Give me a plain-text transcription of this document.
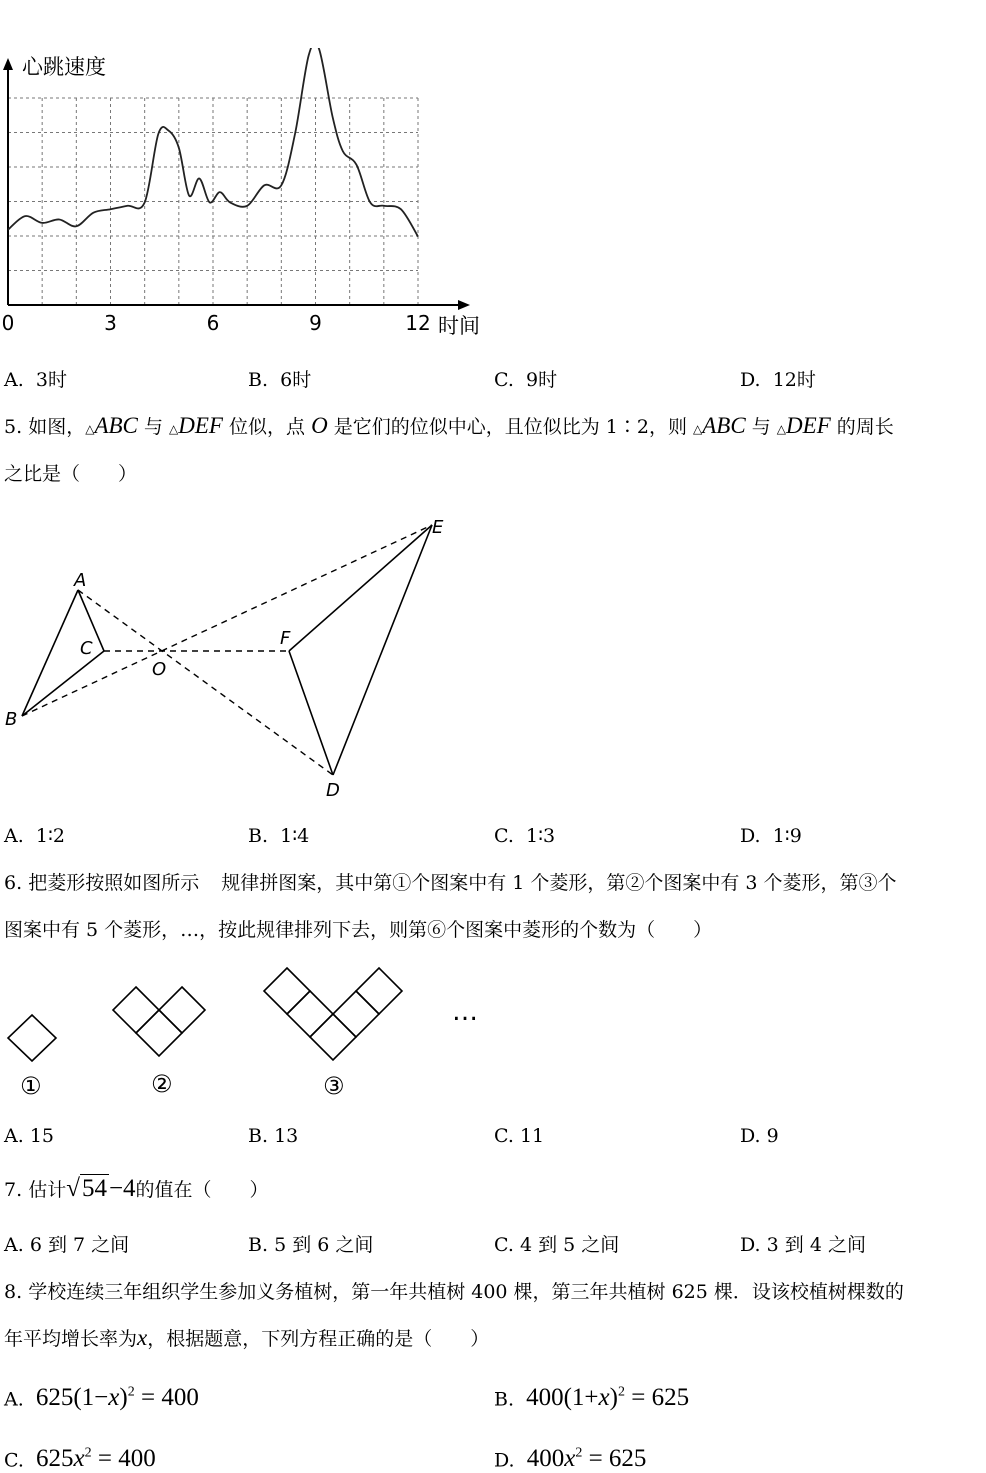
心跳速度
时间
0	3	6	9	12
A. 3时	B. 6时	C. 9时	D. 12时
5. 如图，△ABC 与 △DEF 位似，点 O 是它们的位似中心，且位似比为 1∶2，则 △ABC 与 △DEF 的周长
之比是（　　）
A
B
C
O
D
E
F
A. 1∶2	B. 1∶4	C. 1∶3	D. 1∶9
6. 把菱形按照如图所示 规律拼图案，其中第①个图案中有 1 个菱形，第②个图案中有 3 个菱形，第③个
图案中有 5 个菱形，…，按此规律排列下去，则第⑥个图案中菱形的个数为（　　）
…
①	②	③
A. 15	B. 13	C. 11	D. 9
7. 估计√54−4的值在（　　）
A. 6 到 7 之间	B. 5 到 6 之间	C. 4 到 5 之间	D. 3 到 4 之间
8. 学校连续三年组织学生参加义务植树，第一年共植树 400 棵，第三年共植树 625 棵．设该校植树棵数的
年平均增长率为x，根据题意，下列方程正确的是（　　）
A. $625(1-x)^2 = 400$	B. $400(1+x)^2 = 625$
C. $625x^2 = 400$	D. $400x^2 = 625$
